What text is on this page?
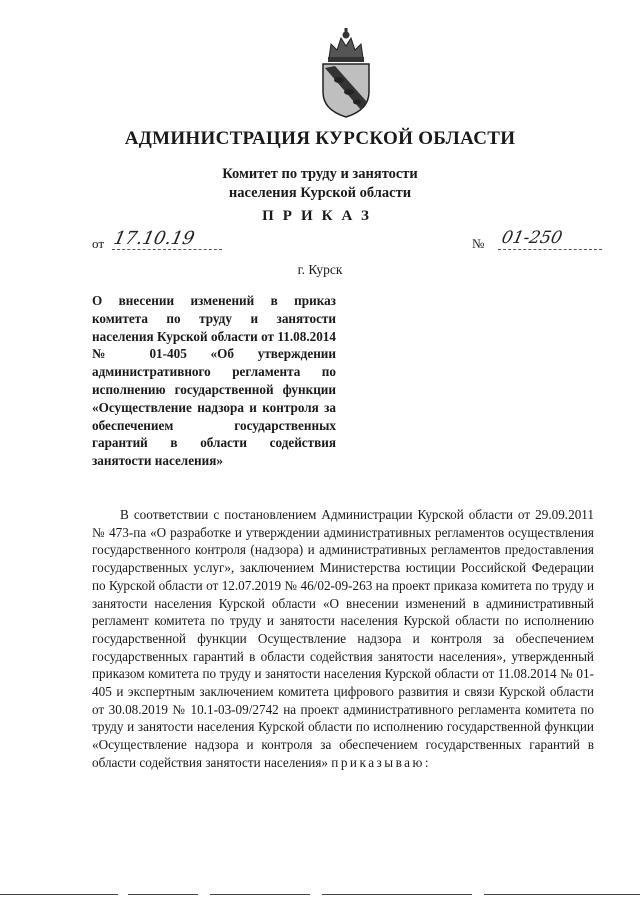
АДМИНИСТРАЦИЯ КУРСКОЙ ОБЛАСТИ
Комитет по труду и занятости
населения Курской области
ПРИКАЗ
от 17.10.19	№ 01-250
г. Курск
О внесении изменений в приказ комитета по труду и занятости населения Курской области от 11.08.2014 № 01-405 «Об утверждении административного регламента по исполнению государственной функции «Осуществление надзора и контроля за обеспечением государственных гарантий в области содействия занятости населения»
В соответствии с постановлением Администрации Курской области от 29.09.2011 № 473-па «О разработке и утверждении административных регламентов осуществления государственного контроля (надзора) и административных регламентов предоставления государственных услуг», заключением Министерства юстиции Российской Федерации по Курской области от 12.07.2019 № 46/02-09-263 на проект приказа комитета по труду и занятости населения Курской области «О внесении изменений в административный регламент комитета по труду и занятости населения Курской области по исполнению государственной функции Осуществление надзора и контроля за обеспечением государственных гарантий в области содействия занятости населения», утвержденный приказом комитета по труду и занятости населения Курской области от 11.08.2014 № 01-405 и экспертным заключением комитета цифрового развития и связи Курской области от 30.08.2019 № 10.1-03-09/2742 на проект административного регламента комитета по труду и занятости населения Курской области по исполнению государственной функции «Осуществление надзора и контроля за обеспечением государственных гарантий в области содействия занятости населения» приказываю:
